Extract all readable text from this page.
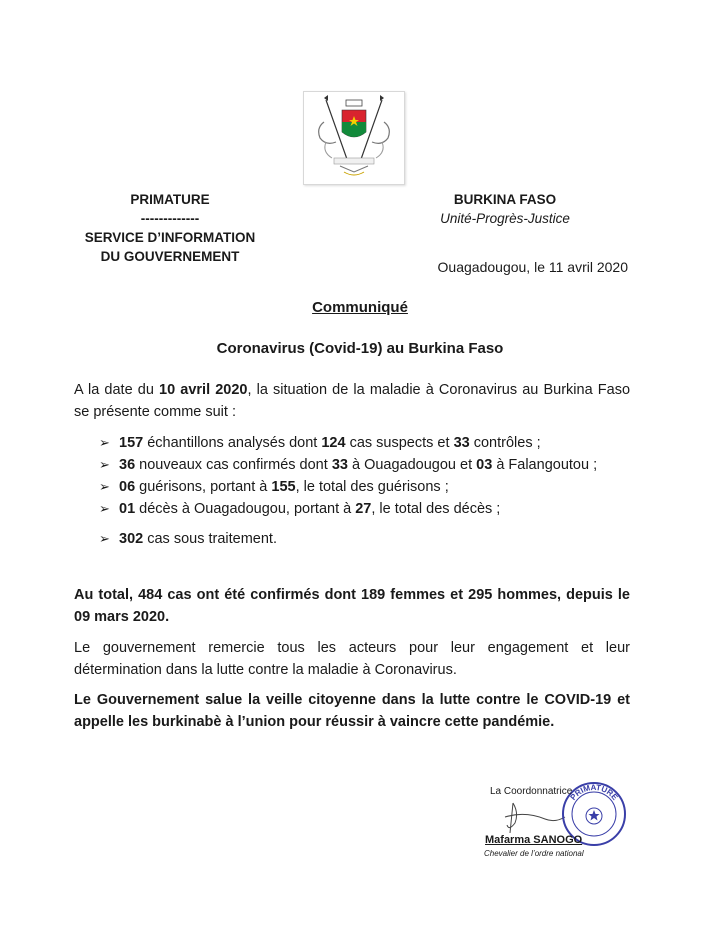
PRIMATURE
-------------
SERVICE D’INFORMATION
DU GOUVERNEMENT
BURKINA FASO
Unité-Progrès-Justice
Ouagadougou, le 11 avril 2020
Communiqué
Coronavirus (Covid-19) au Burkina Faso
A la date du 10 avril 2020, la situation de la maladie à Coronavirus au Burkina Faso se présente comme suit :
➢ 157 échantillons analysés dont 124 cas suspects et 33 contrôles ;
➢ 36 nouveaux cas confirmés dont 33 à Ouagadougou et 03 à Falangoutou ;
➢ 06 guérisons, portant à 155, le total des guérisons ;
➢ 01 décès à Ouagadougou, portant à 27, le total des décès ;
➢ 302 cas sous traitement.
Au total, 484 cas ont été confirmés dont 189 femmes et 295 hommes, depuis le 09 mars 2020.
Le gouvernement remercie tous les acteurs pour leur engagement et leur détermination dans la lutte contre la maladie à Coronavirus.
Le Gouvernement salue la veille citoyenne dans la lutte contre le COVID-19 et appelle les burkinabè à l’union pour réussir à vaincre cette pandémie.
PRIMATURE
La Coordonnatrice
Mafarma SANOGO
Chevalier de l’ordre national
